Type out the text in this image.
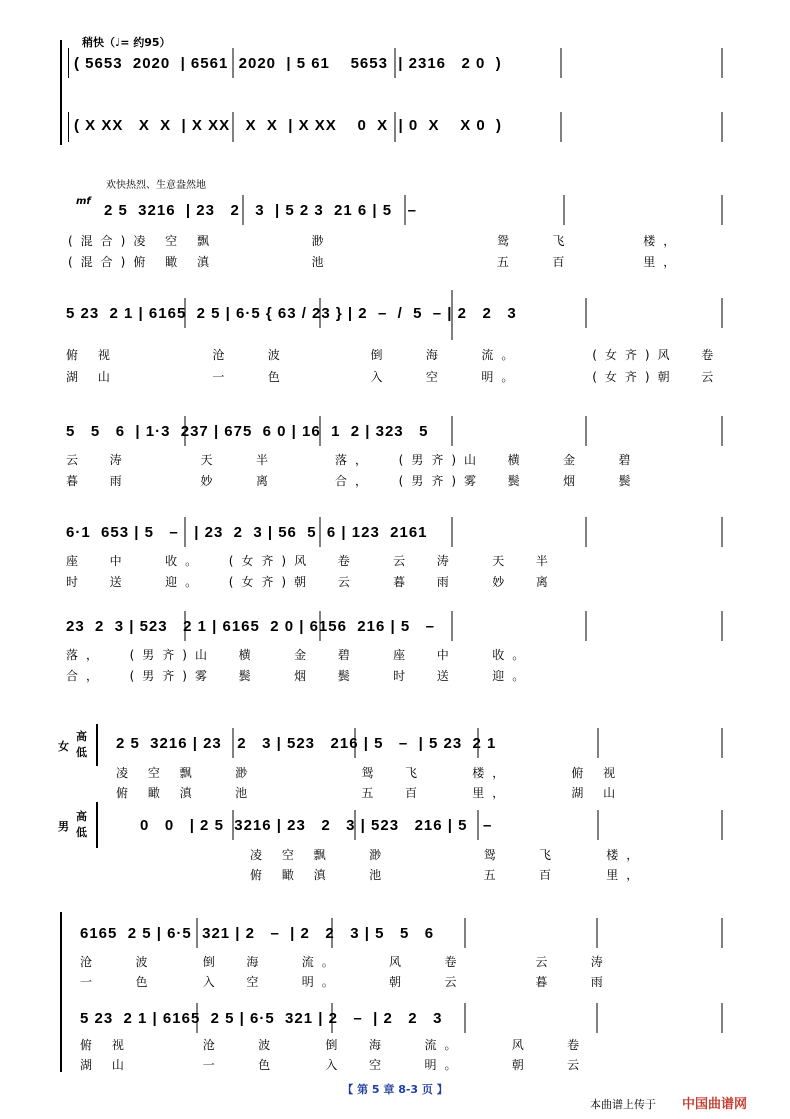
稍快（♩= 约95）
( 5653  2020  | 6561  2020  | 5 61    5653  | 2316   2 0  )
( X XX   X  X  | X XX   X  X  | X XX    0  X  | 0  X    X 0  )
欢快热烈、生意盎然地
mf
2 5  3216  | 23   2   3  | 5 2 3  21 6 | 5   –
(混合)凌 空 飘        渺              鸳   飞      楼，
(混合)俯 瞰 滇        池              五   百      里，
5 23  2 1 | 6165  2 5 | 6·5 { 63 / 23 } | 2  –  /  5  – | 2   2   3
俯 视        沧   波       倒   海   流。      (女齐)风  卷
湖 山        一   色       入   空   明。      (女齐)朝  云
5   5   6  | 1·3  237 | 675  6 0 | 16  1  2 | 323   5
云  涛      天   半     落，  (男齐)山  横   金   碧
暮  雨      妙   离     合，  (男齐)雾  鬓   烟   鬓
6·1  653 | 5   –   | 23  2  3 | 56  5  6 | 123  2161
座  中   收。  (女齐)风  卷   云  涛   天  半
时  送   迎。  (女齐)朝  云   暮  雨   妙  离
23  2  3 | 523   2 1 | 6165  2 0 | 6156  216 | 5   –
落，  (男齐)山  横   金  碧   座  中   收。
合，  (男齐)雾  鬓   烟  鬓   时  送   迎。
女
高
低
2 5  3216 | 23   2   3 | 523   216 | 5   –  | 5 23  2 1
凌 空 飘   渺         鸳  飞    楼，     俯 视
俯 瞰 滇   池         五  百    里，     湖 山
男
高
低	0   0   | 2 5  3216 | 23   2   3 | 523   216 | 5   –
凌 空 飘   渺        鸳   飞    楼，
俯 瞰 滇   池        五   百    里，
6165  2 5 | 6·5  321 | 2   –  | 2   2   3 | 5   5   6
沧   波    倒  海   流。    风   卷      云   涛
一   色    入  空   明。    朝   云      暮   雨
5 23  2 1 | 6165  2 5 | 6·5  321 | 2   –  | 2   2   3
俯 视      沧   波    倒  海   流。    风   卷
湖 山      一   色    入  空   明。    朝   云
【 第 5 章 8-3 页 】
本曲谱上传于 中国曲谱网
